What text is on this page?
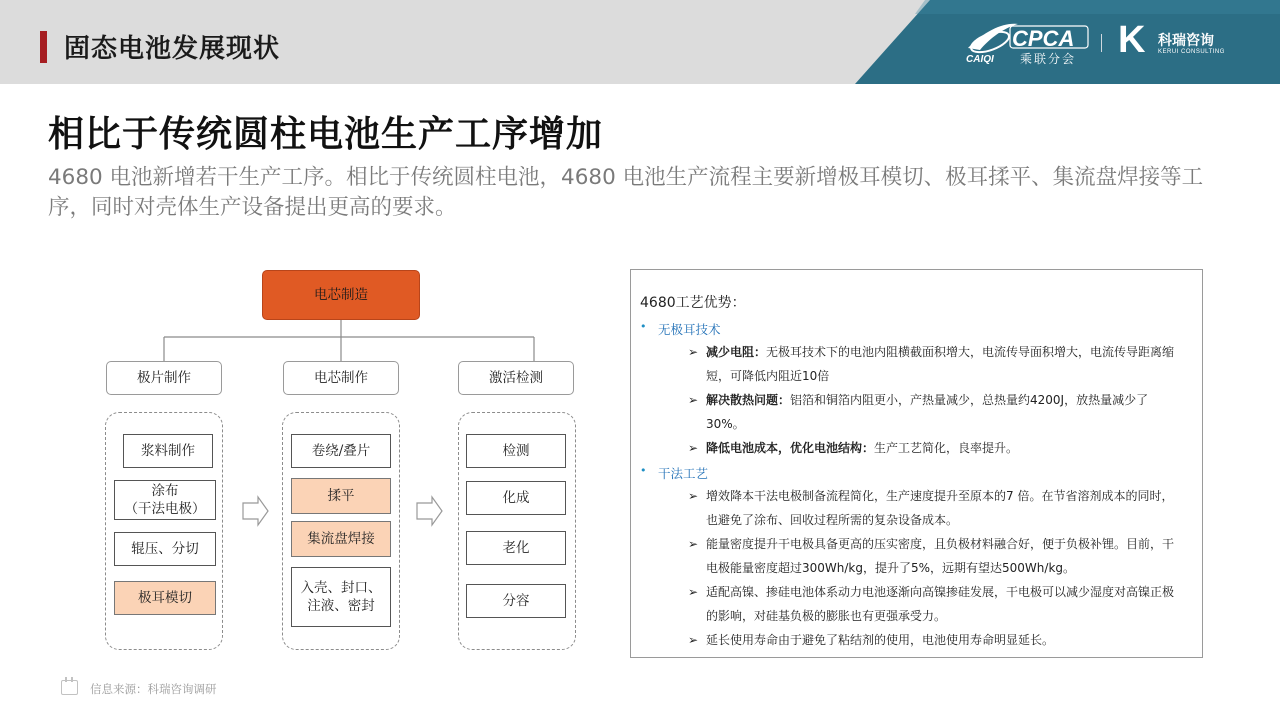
固态电池发展现状	CPCA
乘联分会
CAIQI	K 科瑞咨询
KERUI CONSULTING
相比于传统圆柱电池生产工序增加
4680 电池新增若干生产工序。相比于传统圆柱电池，4680 电池生产流程主要新增极耳模切、极耳揉平、集流盘焊接等工序，同时对壳体生产设备提出更高的要求。
电芯制造
极片制作	电芯制作	激活检测
浆料制作
涂布
（干法电极）
辊压、分切
极耳模切
卷绕/叠片
揉平
集流盘焊接
入壳、封口、
注液、密封
检测
化成
老化
分容
4680工艺优势：
• 无极耳技术
➢ 减少电阻：无极耳技术下的电池内阻横截面积增大，电流传导面积增大，电流传导距离缩短，可降低内阻近10倍
➢ 解决散热问题：铝箔和铜箔内阻更小，产热量减少，总热量约4200J，放热量减少了30%。
➢ 降低电池成本，优化电池结构：生产工艺简化，良率提升。
• 干法工艺
➢ 增效降本干法电极制备流程简化，生产速度提升至原本的7 倍。在节省溶剂成本的同时，也避免了涂布、回收过程所需的复杂设备成本。
➢ 能量密度提升干电极具备更高的压实密度，且负极材料融合好，便于负极补锂。目前，干电极能量密度超过300Wh/kg，提升了5%，远期有望达500Wh/kg。
➢ 适配高镍、掺硅电池体系动力电池逐渐向高镍掺硅发展，干电极可以减少湿度对高镍正极的影响，对硅基负极的膨胀也有更强承受力。
➢ 延长使用寿命由于避免了粘结剂的使用，电池使用寿命明显延长。
信息来源：科瑞咨询调研
